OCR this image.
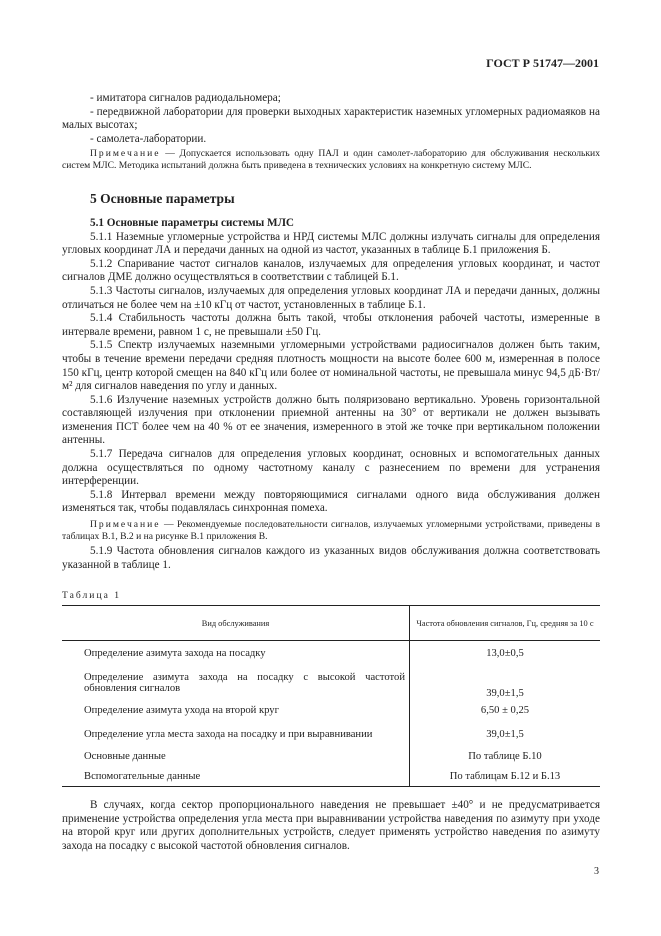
ГОСТ Р 51747—2001

- имитатора сигналов радиодальномера;

- передвижной лаборатории для проверки выходных характеристик наземных угломерных радиомаяков на малых высотах;

- самолета-лаборатории.

Примечание — Допускается использовать одну ПАЛ и один самолет-лабораторию для обслуживания нескольких систем МЛС. Методика испытаний должна быть приведена в технических условиях на конкретную систему МЛС.

5 Основные параметры
5.1 Основные параметры системы МЛС

5.1.1 Наземные угломерные устройства и НРД системы МЛС должны излучать сигналы для определения угловых координат ЛА и передачи данных на одной из частот, указанных в таблице Б.1 приложения Б.

5.1.2 Спаривание частот сигналов каналов, излучаемых для определения угловых координат, и частот сигналов ДМЕ должно осуществляться в соответствии с таблицей Б.1.

5.1.3 Частоты сигналов, излучаемых для определения угловых координат ЛА и передачи данных, должны отличаться не более чем на ±10 кГц от частот, установленных в таблице Б.1.

5.1.4 Стабильность частоты должна быть такой, чтобы отклонения рабочей частоты, измеренные в интервале времени, равном 1 с, не превышали ±50 Гц.

5.1.5 Спектр излучаемых наземными угломерными устройствами радиосигналов должен быть таким, чтобы в течение времени передачи средняя плотность мощности на высоте более 600 м, измеренная в полосе 150 кГц, центр которой смещен на 840 кГц или более от номинальной частоты, не превышала минус 94,5 дБ·Вт/м² для сигналов наведения по углу и данных.

5.1.6 Излучение наземных устройств должно быть поляризовано вертикально. Уровень горизонтальной составляющей излучения при отклонении приемной антенны на 30° от вертикали не должен вызывать изменения ПСТ более чем на 40 % от ее значения, измеренного в этой же точке при вертикальном положении антенны.

5.1.7 Передача сигналов для определения угловых координат, основных и вспомогательных данных должна осуществляться по одному частотному каналу с разнесением по времени для устранения интерференции.

5.1.8 Интервал времени между повторяющимися сигналами одного вида обслуживания должен изменяться так, чтобы подавлялась синхронная помеха.

Примечание — Рекомендуемые последовательности сигналов, излучаемых угломерными устройствами, приведены в таблицах В.1, В.2 и на рисунке В.1 приложения В.

5.1.9 Частота обновления сигналов каждого из указанных видов обслуживания должна соответствовать указанной в таблице 1.

Таблица 1

Вид обслуживания	Частота обновления сигналов, Гц, средняя за 10 с
Определение азимута захода на посадку	13,0±0,5
Определение азимута захода на посадку с высокой частотой обновления сигналов	39,0±1,5
Определение азимута ухода на второй круг	6,50 ± 0,25
Определение угла места захода на посадку и при выравнивании	39,0±1,5
Основные данные	По таблице Б.10
Вспомогательные данные	По таблицам Б.12 и Б.13

В случаях, когда сектор пропорционального наведения не превышает ±40° и не предусматривается применение устройства определения угла места при выравнивании устройства наведения по азимуту при уходе на второй круг или других дополнительных устройств, следует применять устройство наведения по азимуту захода на посадку с высокой частотой обновления сигналов.

3
